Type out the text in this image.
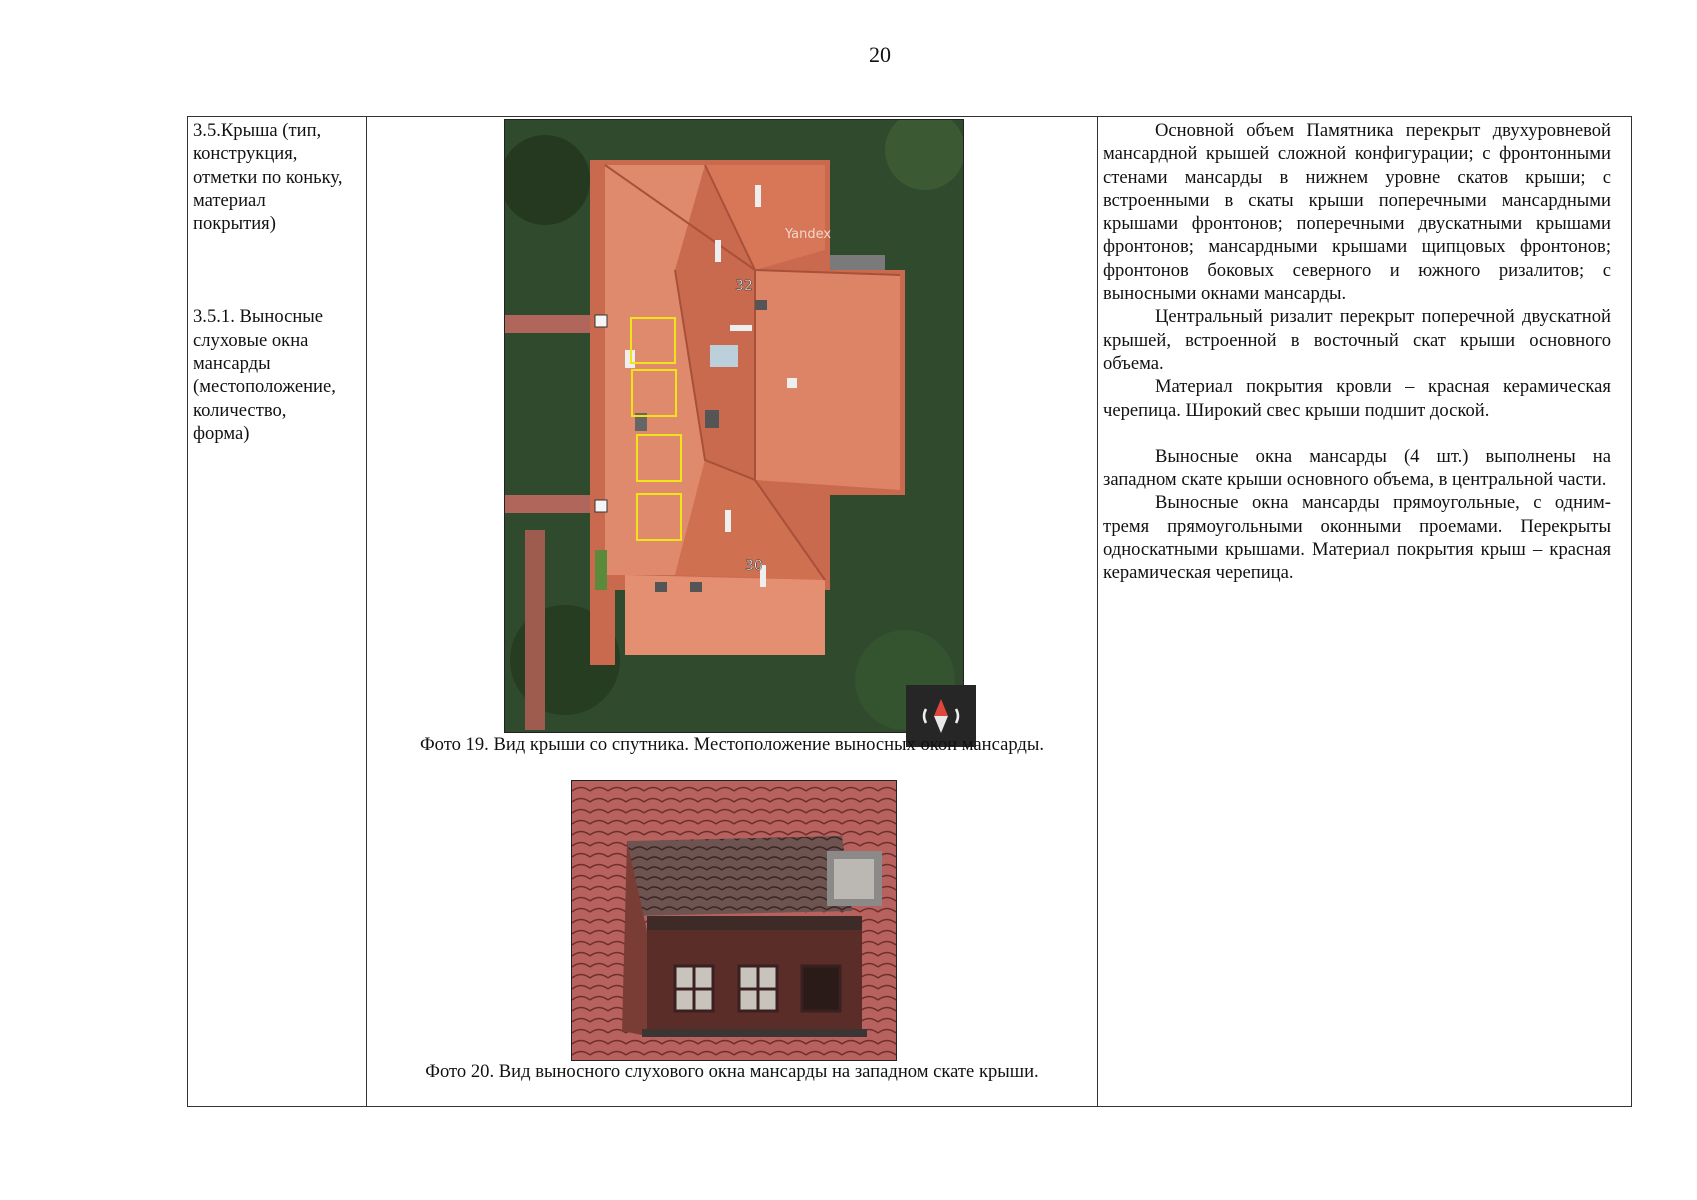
20

3.5.Крыша (тип,

конструкция,

отметки по коньку,

материал

покрытия)

3.5.1. Выносные

слуховые окна

мансарды

(местоположение,

количество,

форма)

Yandex
32
30
Фото 19. Вид крыши со спутника. Местоположение выносных окон мансарды.
Фото 20. Вид выносного слухового окна мансарды на западном скате крыши.

Основной объем Памятника перекрыт двухуровневой мансардной крышей сложной конфигурации; с фронтонными стенами мансарды в нижнем уровне скатов крыши; с встроенными в скаты крыши поперечными мансардными крышами фронтонов; поперечными двускатными крышами фронтонов; мансардными крышами щипцовых фронтонов; фронтонов боковых северного и южного ризалитов; с выносными окнами мансарды.

Центральный ризалит перекрыт поперечной двускатной крышей, встроенной в восточный скат крыши основного объема.

Материал покрытия кровли – красная керамическая черепица. Широкий свес крыши подшит доской.

Выносные окна мансарды (4 шт.) выполнены на западном скате крыши основного объема, в центральной части.

Выносные окна мансарды прямоугольные, с одним-тремя прямоугольными оконными проемами. Перекрыты односкатными крышами. Материал покрытия крыш – красная керамическая черепица.
